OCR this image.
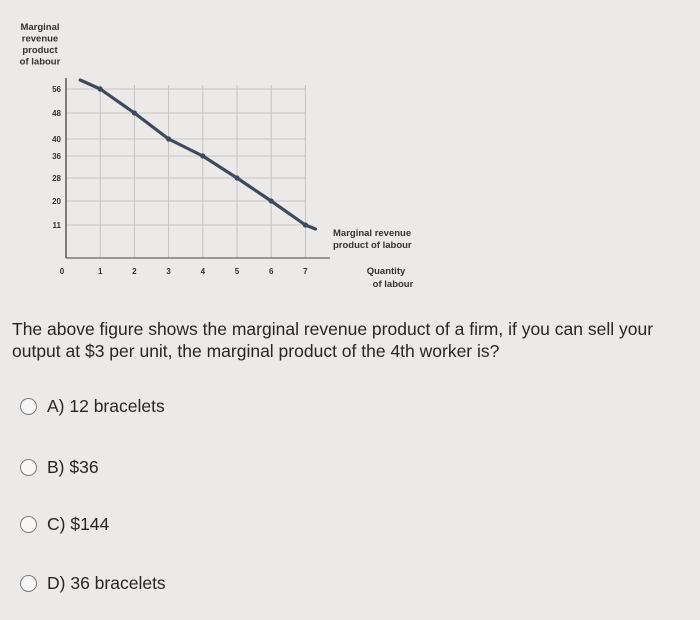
Marginal revenue product of labour
56
48
40
36
28
20
11
0	1	2	3	4	5	6	7
Marginal revenue product of labour
Quantity of labour
The above figure shows the marginal revenue product of a firm, if you can sell your output at $3 per unit, the marginal product of the 4th worker is?
A) 12 bracelets
B) $36
C) $144
D) 36 bracelets
